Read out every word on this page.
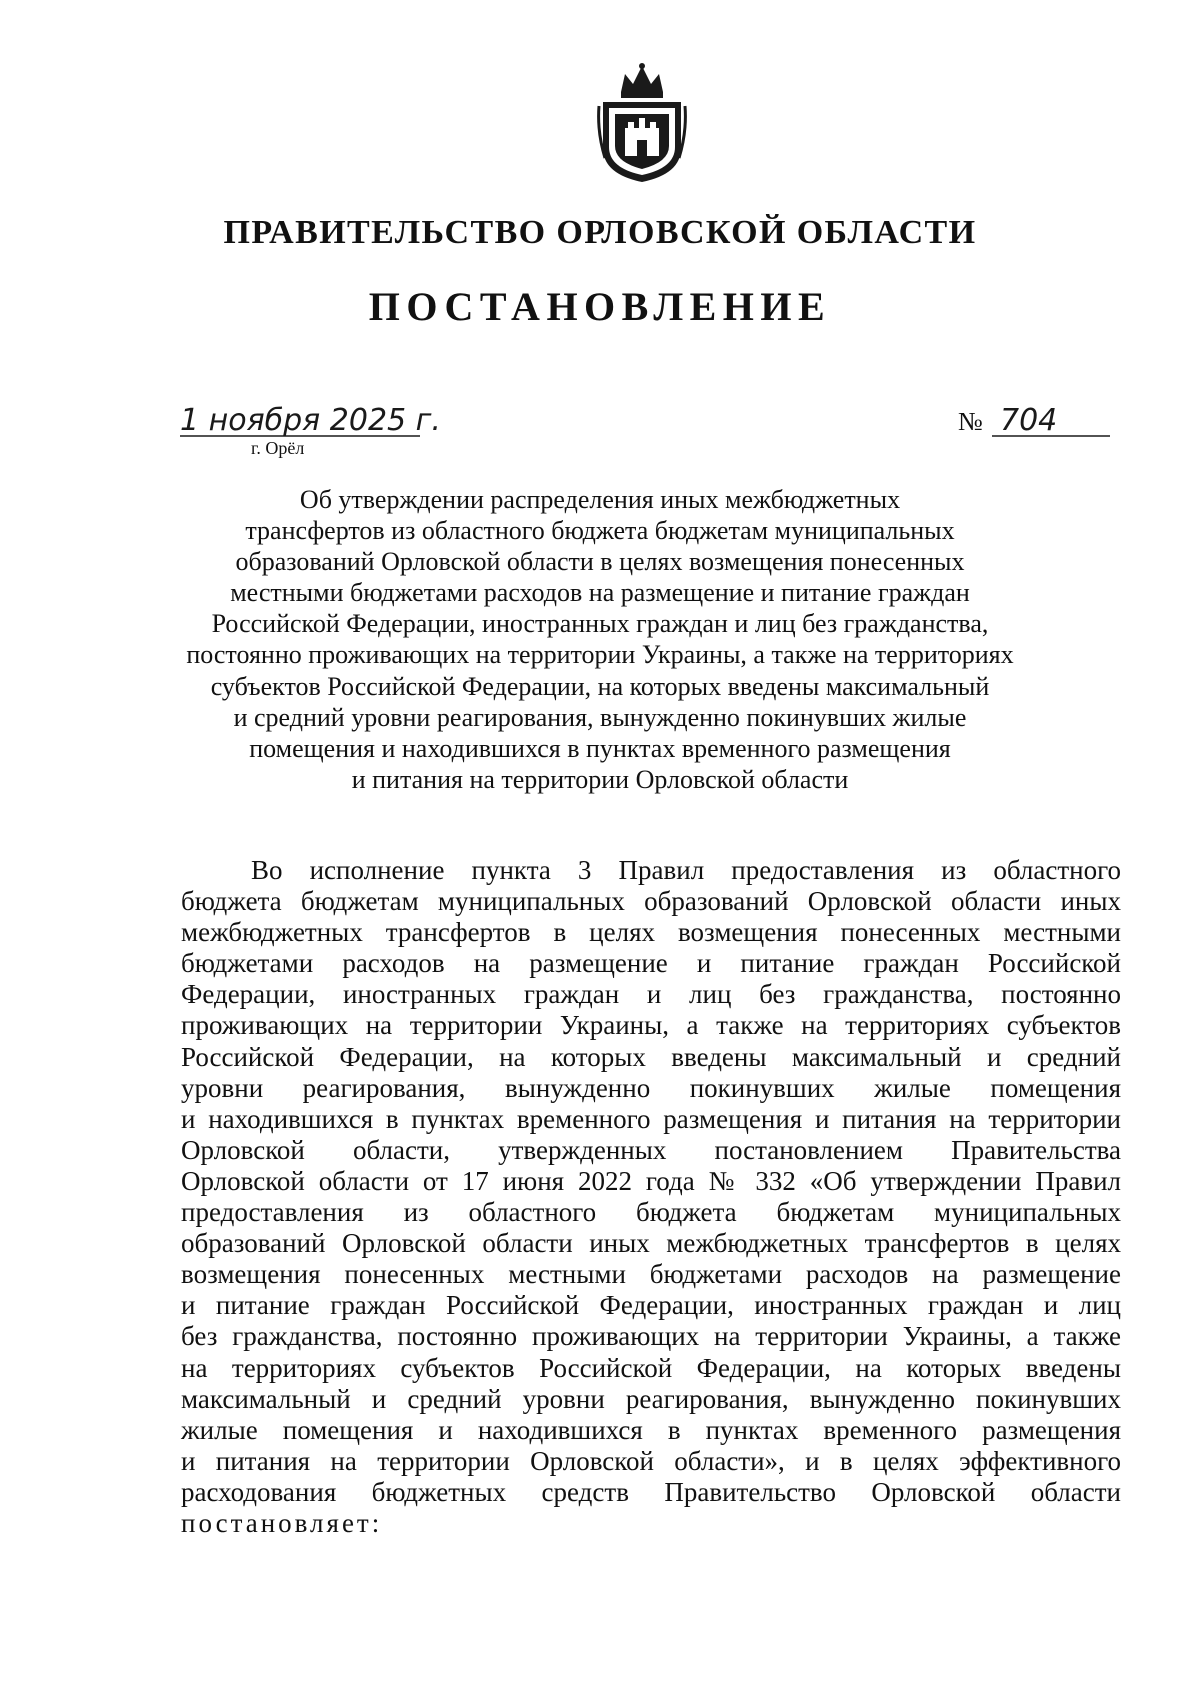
ПРАВИТЕЛЬСТВО ОРЛОВСКОЙ ОБЛАСТИ
ПОСТАНОВЛЕНИЕ
1 ноября 2025 г.
г. Орёл
№ 704
Об утверждении распределения иных межбюджетных
трансфертов из областного бюджета бюджетам муниципальных
образований Орловской области в целях возмещения понесенных
местными бюджетами расходов на размещение и питание граждан
Российской Федерации, иностранных граждан и лиц без гражданства,
постоянно проживающих на территории Украины, а также на территориях
субъектов Российской Федерации, на которых введены максимальный
и средний уровни реагирования, вынужденно покинувших жилые
помещения и находившихся в пунктах временного размещения
и питания на территории Орловской области
Во исполнение пункта 3 Правил предоставления из областного
бюджета бюджетам муниципальных образований Орловской области иных
межбюджетных трансфертов в целях возмещения понесенных местными
бюджетами расходов на размещение и питание граждан Российской
Федерации, иностранных граждан и лиц без гражданства, постоянно
проживающих на территории Украины, а также на территориях субъектов
Российской Федерации, на которых введены максимальный и средний
уровни реагирования, вынужденно покинувших жилые помещения
и находившихся в пунктах временного размещения и питания на территории
Орловской области, утвержденных постановлением Правительства
Орловской области от 17 июня 2022 года № 332 «Об утверждении Правил
предоставления из областного бюджета бюджетам муниципальных
образований Орловской области иных межбюджетных трансфертов в целях
возмещения понесенных местными бюджетами расходов на размещение
и питание граждан Российской Федерации, иностранных граждан и лиц
без гражданства, постоянно проживающих на территории Украины, а также
на территориях субъектов Российской Федерации, на которых введены
максимальный и средний уровни реагирования, вынужденно покинувших
жилые помещения и находившихся в пунктах временного размещения
и питания на территории Орловской области», и в целях эффективного
расходования бюджетных средств Правительство Орловской области
постановляет:
